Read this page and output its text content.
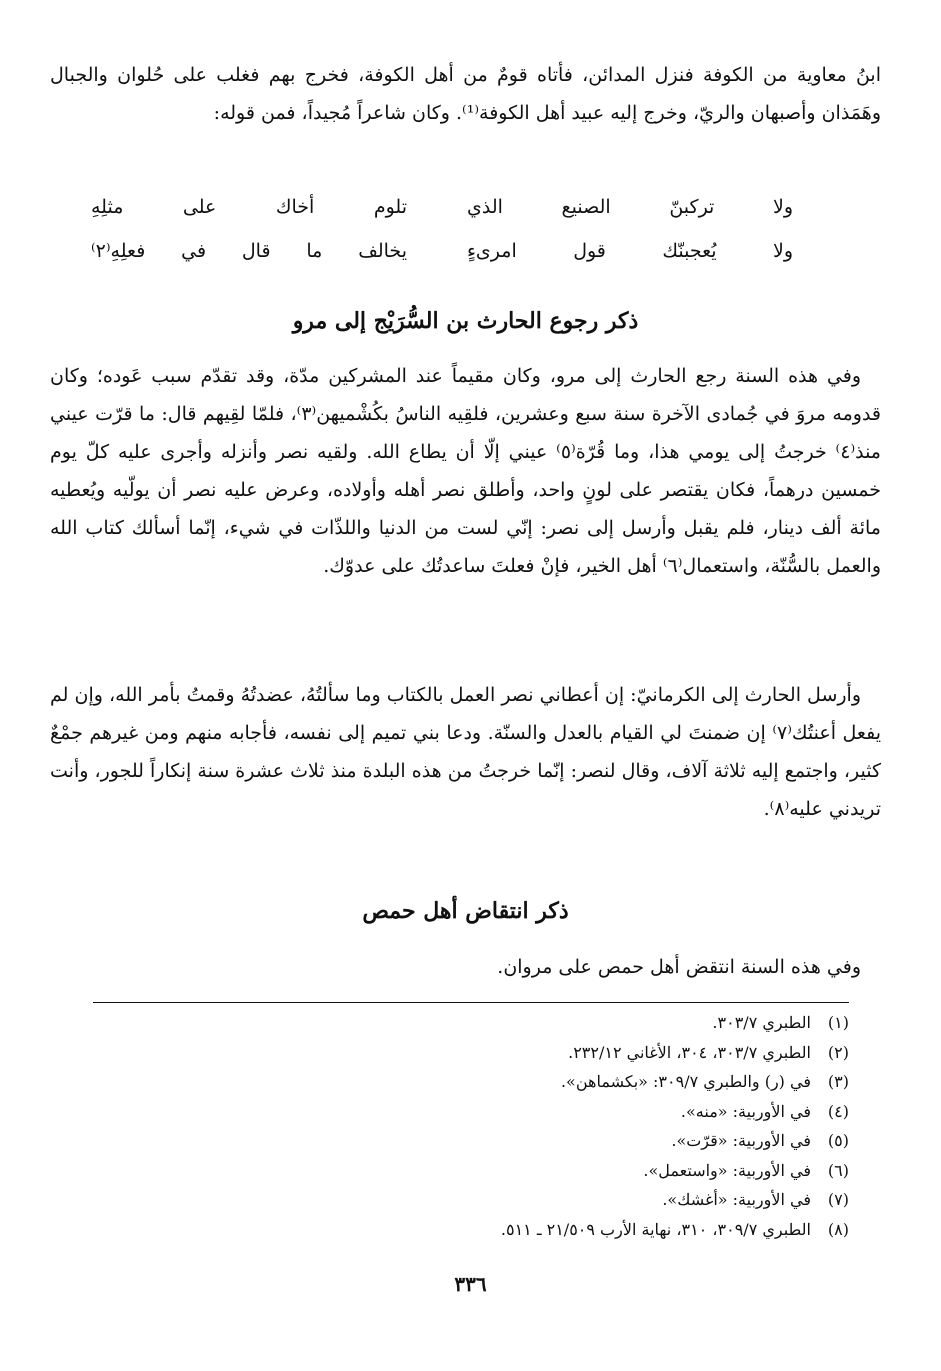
ابنُ معاوية من الكوفة فنزل المدائن، فأتاه قومٌ من أهل الكوفة، فخرج بهم فغلب على حُلوان والجبال وهَمَذان وأصبهان والريّ، وخرج إليه عبيد أهل الكوفة⁽¹⁾. وكان شاعراً مُجيداً، فمن قوله:
ولا تركبنّ الصنيع الذي
تلوم أخاك على مثلِهِ
ولا يُعجبنّك قول امرىءٍ
يخالف ما قال في فعلِهِ⁽٢⁾
ذكر رجوع الحارث بن السُّرَيْج إلى مرو
وفي هذه السنة رجع الحارث إلى مرو، وكان مقيماً عند المشركين مدّة، وقد تقدّم سبب عَوده؛ وكان قدومه مروَ في جُمادى الآخرة سنة سبع وعشرين، فلقِيه الناسُ بكُشْميهن⁽٣⁾، فلمّا لقِيهم قال: ما قرّت عيني منذ⁽٤⁾ خرجتُ إلى يومي هذا، وما قُرّة⁽٥⁾ عيني إلّا أن يطاع الله. ولقيه نصر وأنزله وأجرى عليه كلّ يوم خمسين درهماً، فكان يقتصر على لونٍ واحد، وأطلق نصر أهله وأولاده، وعرض عليه نصر أن يولّيه ويُعطيه مائة ألف دينار، فلم يقبل وأرسل إلى نصر: إنّي لست من الدنيا واللذّات في شيء، إنّما أسألك كتاب الله والعمل بالسُّنّة، واستعمال⁽٦⁾ أهل الخير، فإنْ فعلتَ ساعدتُك على عدوّك.
وأرسل الحارث إلى الكرمانيّ: إن أعطاني نصر العمل بالكتاب وما سألتُهُ، عضدتُهُ وقمتُ بأمر الله، وإن لم يفعل أعنتُك⁽٧⁾ إن ضمنتَ لي القيام بالعدل والسنّة. ودعا بني تميم إلى نفسه، فأجابه منهم ومن غيرهم جمْعٌ كثير، واجتمع إليه ثلاثة آلاف، وقال لنصر: إنّما خرجتُ من هذه البلدة منذ ثلاث عشرة سنة إنكاراً للجور، وأنت تريدني عليه⁽٨⁾.
ذكر انتقاض أهل حمص
وفي هذه السنة انتقض أهل حمص على مروان.
(١)
الطبري ٣٠٣/٧.
(٢)
الطبري ٣٠٣/٧، ٣٠٤، الأغاني ٢٣٢/١٢.
(٣)
في (ر) والطبري ٣٠٩/٧: «بكشماهن».
(٤)
في الأوربية: «منه».
(٥)
في الأوربية: «قرّت».
(٦)
في الأوربية: «واستعمل».
(٧)
في الأوربية: «أغشك».
(٨)
الطبري ٣٠٩/٧، ٣١٠، نهاية الأرب ٢١/٥٠٩ ـ ٥١١.
٣٣٦
